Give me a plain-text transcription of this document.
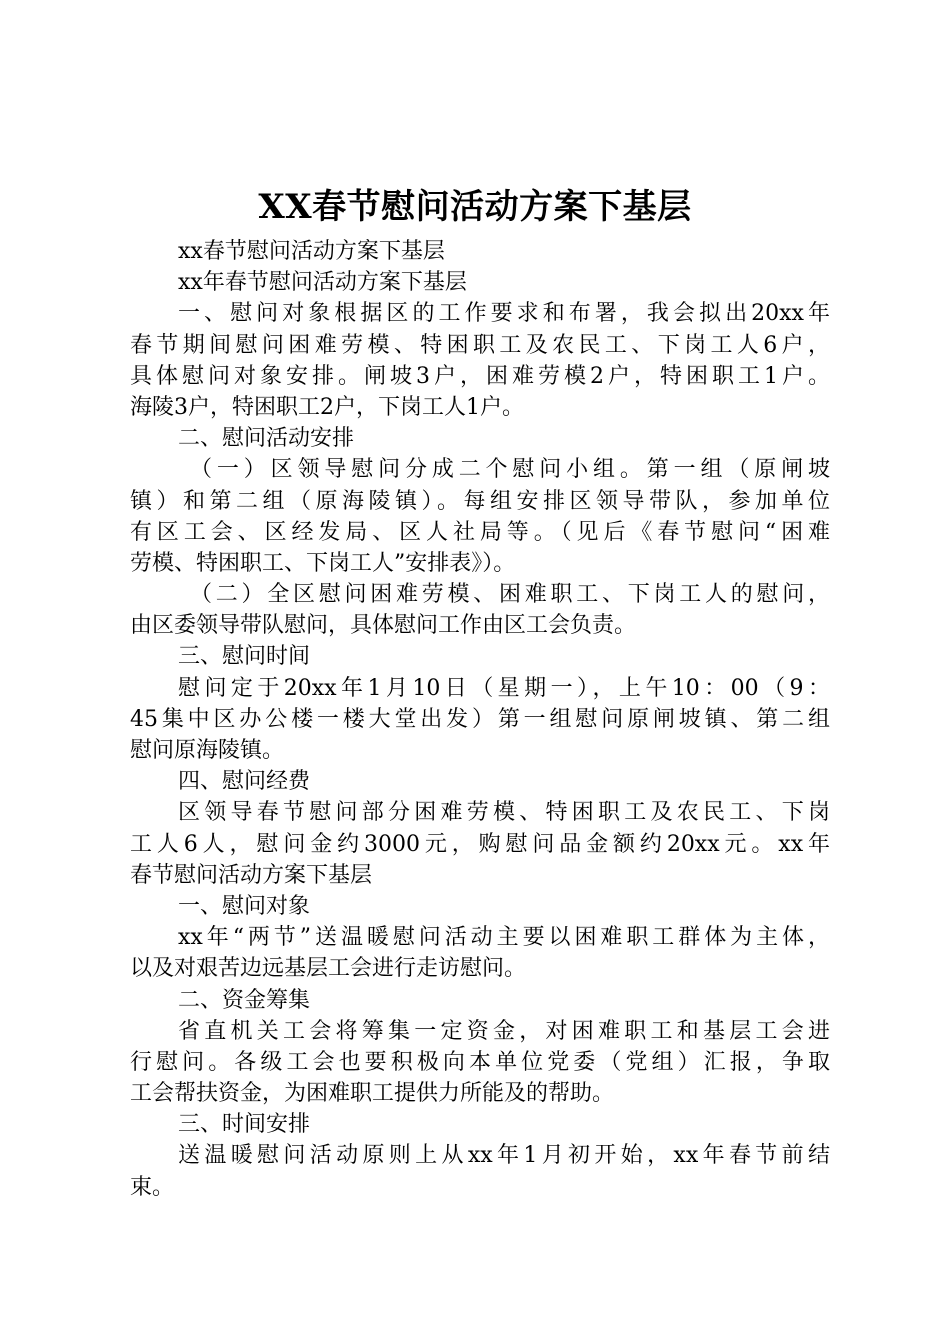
XX春节慰问活动方案下基层
xx春节慰问活动方案下基层
xx年春节慰问活动方案下基层
一、慰问对象根据区的工作要求和布署，我会拟出20xx年
春节期间慰问困难劳模、特困职工及农民工、下岗工人6户，
具体慰问对象安排。闸坡3户，困难劳模2户，特困职工1户。
海陵3户，特困职工2户，下岗工人1户。
二、慰问活动安排
（一）区领导慰问分成二个慰问小组。第一组（原闸坡
镇）和第二组（原海陵镇）。每组安排区领导带队，参加单位
有区工会、区经发局、区人社局等。（见后《春节慰问“困难
劳模、特困职工、下岗工人”安排表》）。
（二）全区慰问困难劳模、困难职工、下岗工人的慰问，
由区委领导带队慰问，具体慰问工作由区工会负责。
三、慰问时间
慰问定于20xx年1月10日（星期一），上午10：00（9：
45集中区办公楼一楼大堂出发）第一组慰问原闸坡镇、第二组
慰问原海陵镇。
四、慰问经费
区领导春节慰问部分困难劳模、特困职工及农民工、下岗
工人6人，慰问金约3000元，购慰问品金额约20xx元。xx年
春节慰问活动方案下基层
一、慰问对象
xx年“两节”送温暖慰问活动主要以困难职工群体为主体，
以及对艰苦边远基层工会进行走访慰问。
二、资金筹集
省直机关工会将筹集一定资金，对困难职工和基层工会进
行慰问。各级工会也要积极向本单位党委（党组）汇报，争取
工会帮扶资金，为困难职工提供力所能及的帮助。
三、时间安排
送温暖慰问活动原则上从xx年1月初开始，xx年春节前结
束。
